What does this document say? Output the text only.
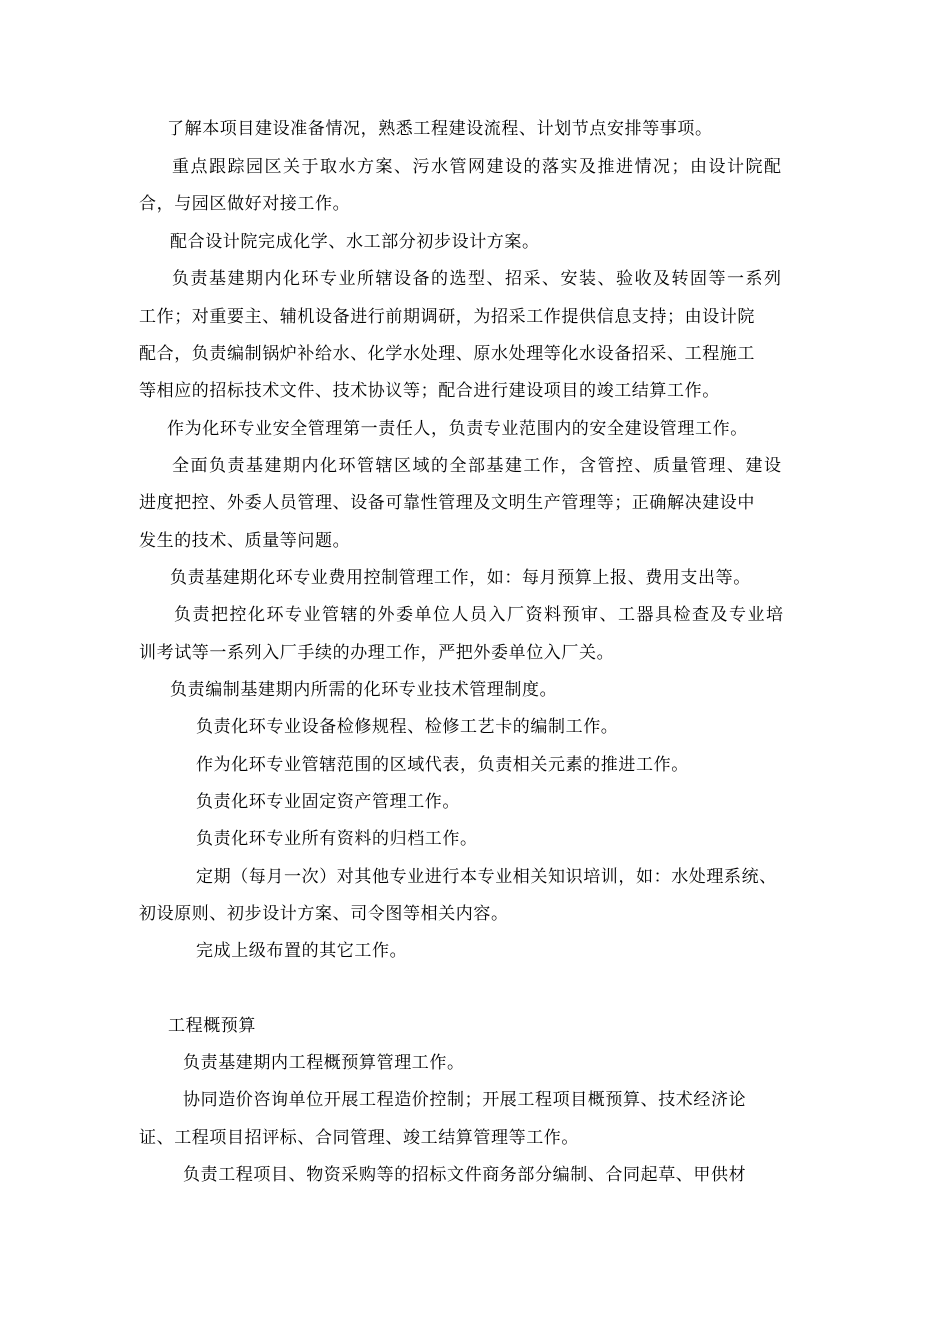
了解本项目建设准备情况，熟悉工程建设流程、计划节点安排等事项。
重点跟踪园区关于取水方案、污水管网建设的落实及推进情况；由设计院配
合，与园区做好对接工作。
配合设计院完成化学、水工部分初步设计方案。
负责基建期内化环专业所辖设备的选型、招采、安装、验收及转固等一系列
工作；对重要主、辅机设备进行前期调研，为招采工作提供信息支持；由设计院
配合，负责编制锅炉补给水、化学水处理、原水处理等化水设备招采、工程施工
等相应的招标技术文件、技术协议等；配合进行建设项目的竣工结算工作。
作为化环专业安全管理第一责任人，负责专业范围内的安全建设管理工作。
全面负责基建期内化环管辖区域的全部基建工作，含管控、质量管理、建设
进度把控、外委人员管理、设备可靠性管理及文明生产管理等；正确解决建设中
发生的技术、质量等问题。
负责基建期化环专业费用控制管理工作，如：每月预算上报、费用支出等。
负责把控化环专业管辖的外委单位人员入厂资料预审、工器具检查及专业培
训考试等一系列入厂手续的办理工作，严把外委单位入厂关。
负责编制基建期内所需的化环专业技术管理制度。
负责化环专业设备检修规程、检修工艺卡的编制工作。
作为化环专业管辖范围的区域代表，负责相关元素的推进工作。
负责化环专业固定资产管理工作。
负责化环专业所有资料的归档工作。
定期（每月一次）对其他专业进行本专业相关知识培训，如：水处理系统、
初设原则、初步设计方案、司令图等相关内容。
完成上级布置的其它工作。
工程概预算
负责基建期内工程概预算管理工作。
协同造价咨询单位开展工程造价控制；开展工程项目概预算、技术经济论
证、工程项目招评标、合同管理、竣工结算管理等工作。
负责工程项目、物资采购等的招标文件商务部分编制、合同起草、甲供材
